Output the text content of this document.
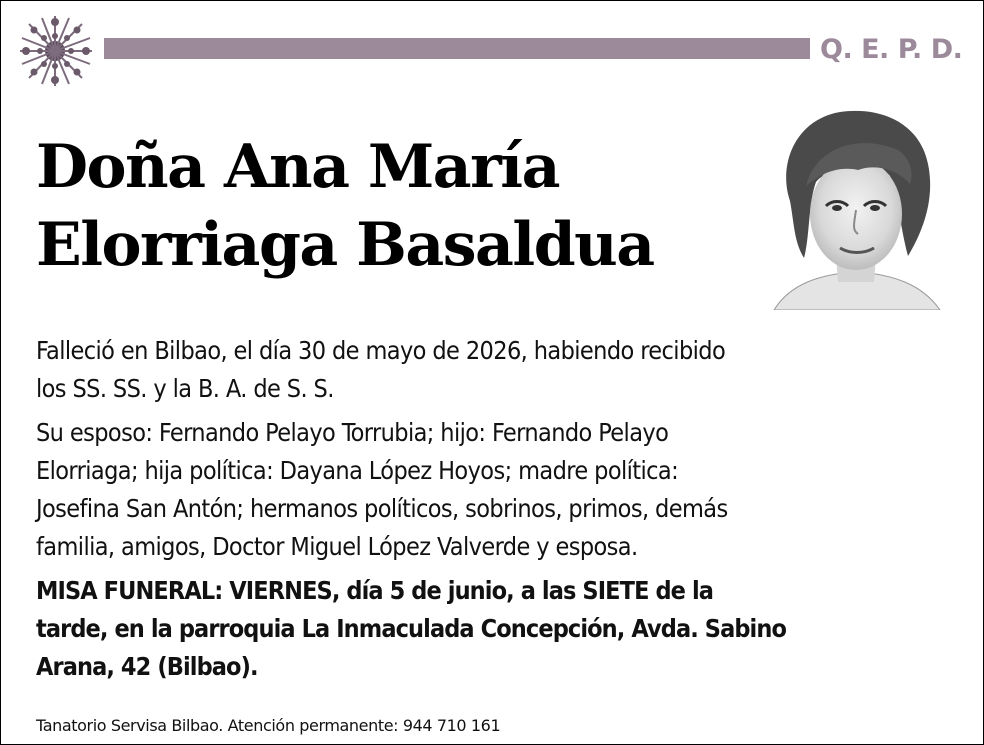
Q. E. P. D.
Doña Ana María
Elorriaga Basaldua
Falleció en Bilbao, el día 30 de mayo de 2026, habiendo recibido
los SS. SS. y la B. A. de S. S.
Su esposo: Fernando Pelayo Torrubia; hijo: Fernando Pelayo
Elorriaga; hija política: Dayana López Hoyos; madre política:
Josefina San Antón; hermanos políticos, sobrinos, primos, demás
familia, amigos, Doctor Miguel López Valverde y esposa.
MISA FUNERAL: VIERNES, día 5 de junio, a las SIETE de la
tarde, en la parroquia La Inmaculada Concepción, Avda. Sabino
Arana, 42 (Bilbao).
Tanatorio Servisa Bilbao. Atención permanente: 944 710 161
